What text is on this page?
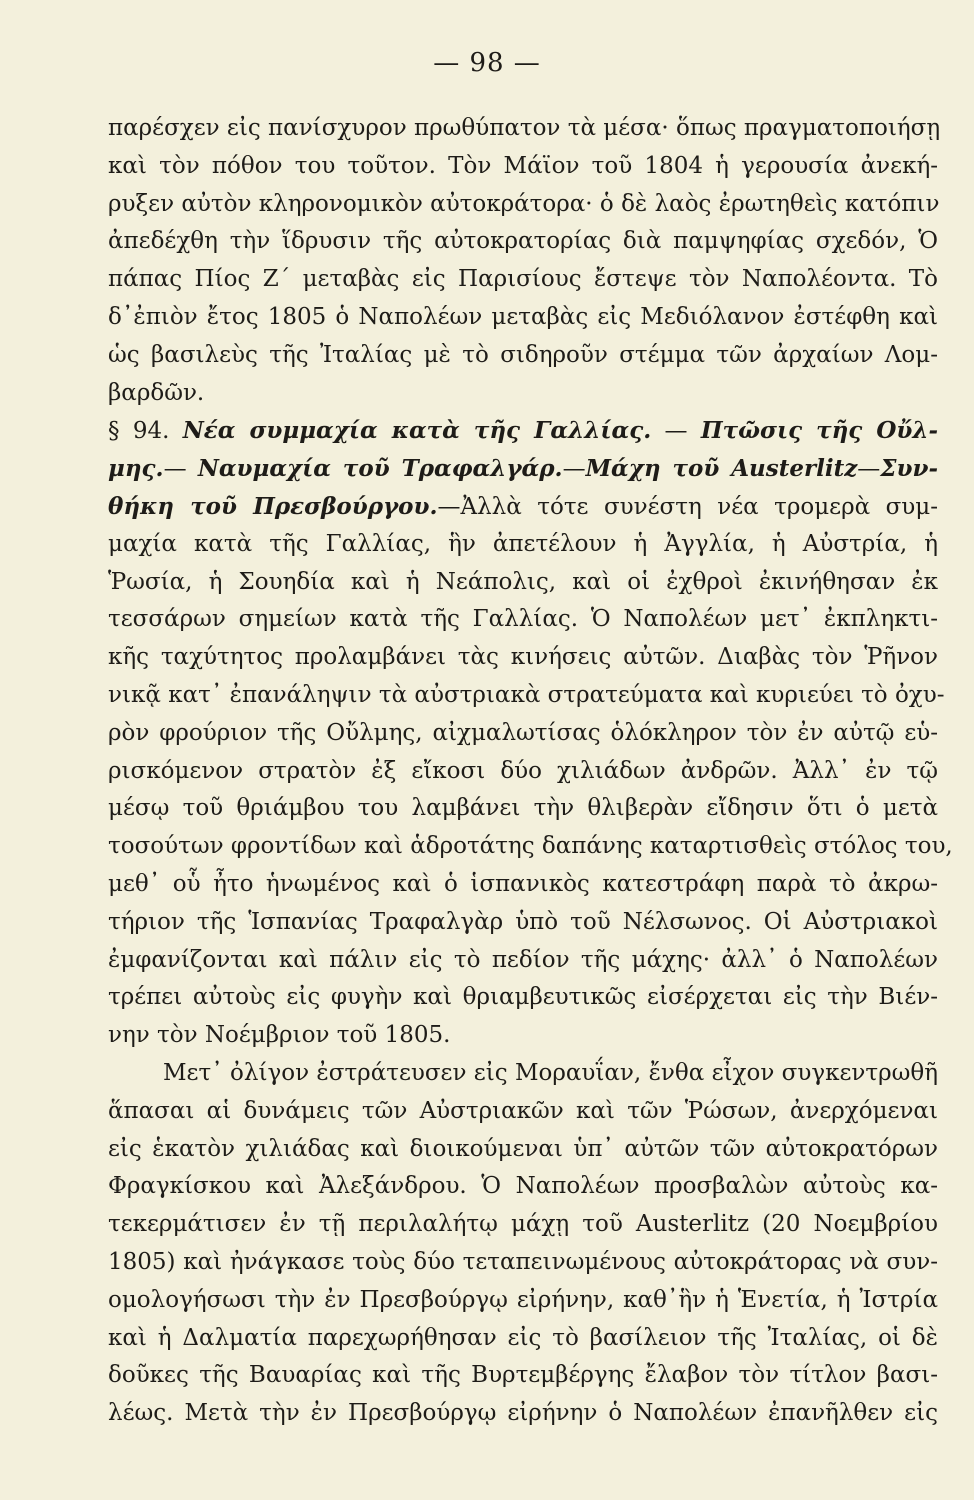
— 98 —
παρέσχεν εἰς πανίσχυρον πρωθύπατον τὰ μέσα· ὅπως πραγματοποιήσῃ
καὶ τὸν πόθον του τοῦτον. Τὸν Μάϊον τοῦ 1804 ἡ γερουσία ἀνεκή-
ρυξεν αὐτὸν κληρονομικὸν αὐτοκράτορα· ὁ δὲ λαὸς ἐρωτηθεὶς κατόπιν
ἀπεδέχθη τὴν ἵδρυσιν τῆς αὐτοκρατορίας διὰ παμψηφίας σχεδόν, Ὁ
πάπας Πίος Ζ΄ μεταβὰς εἰς Παρισίους ἔστεψε τὸν Ναπολέοντα. Τὸ
δ᾽ἐπιὸν ἔτος 1805 ὁ Ναπολέων μεταβὰς εἰς Μεδιόλανον ἐστέφθη καὶ
ὡς βασιλεὺς τῆς Ἰταλίας μὲ τὸ σιδηροῦν στέμμα τῶν ἀρχαίων Λομ-
βαρδῶν.
§ 94. Νέα συμμαχία κατὰ τῆς Γαλλίας. — Πτῶσις τῆς Οὔλ-
μης.— Ναυμαχία τοῦ Τραφαλγάρ.—Μάχη τοῦ Austerlitz—Συν-
θήκη τοῦ Πρεσβούργου.—Ἀλλὰ τότε συνέστη νέα τρομερὰ συμ-
μαχία κατὰ τῆς Γαλλίας, ἣν ἀπετέλουν ἡ Ἀγγλία, ἡ Αὐστρία, ἡ
Ῥωσία, ἡ Σουηδία καὶ ἡ Νεάπολις, καὶ οἱ ἐχθροὶ ἐκινήθησαν ἐκ
τεσσάρων σημείων κατὰ τῆς Γαλλίας. Ὁ Ναπολέων μετ᾽ ἐκπληκτι-
κῆς ταχύτητος προλαμβάνει τὰς κινήσεις αὐτῶν. Διαβὰς τὸν Ῥῆνον
νικᾷ κατ᾽ ἐπανάληψιν τὰ αὐστριακὰ στρατεύματα καὶ κυριεύει τὸ ὀχυ-
ρὸν φρούριον τῆς Οὔλμης, αἰχμαλωτίσας ὁλόκληρον τὸν ἐν αὐτῷ εὑ-
ρισκόμενον στρατὸν ἐξ εἴκοσι δύο χιλιάδων ἀνδρῶν. Ἀλλ᾽ ἐν τῷ
μέσῳ τοῦ θριάμβου του λαμβάνει τὴν θλιβερὰν εἴδησιν ὅτι ὁ μετὰ
τοσούτων φροντίδων καὶ ἁδροτάτης δαπάνης καταρτισθεὶς στόλος του,
μεθ᾽ οὗ ἦτο ἡνωμένος καὶ ὁ ἱσπανικὸς κατεστράφη παρὰ τὸ ἀκρω-
τήριον τῆς Ἱσπανίας Τραφαλγὰρ ὑπὸ τοῦ Νέλσωνος. Οἱ Αὐστριακοὶ
ἐμφανίζονται καὶ πάλιν εἰς τὸ πεδίον τῆς μάχης· ἀλλ᾽ ὁ Ναπολέων
τρέπει αὐτοὺς εἰς φυγὴν καὶ θριαμβευτικῶς εἰσέρχεται εἰς τὴν Βιέν-
νην τὸν Νοέμβριον τοῦ 1805.
Μετ᾽ ὀλίγον ἐστράτευσεν εἰς Μοραυΐαν, ἔνθα εἶχον συγκεντρωθῆ
ἅπασαι αἱ δυνάμεις τῶν Αὐστριακῶν καὶ τῶν Ῥώσων, ἀνερχόμεναι
εἰς ἑκατὸν χιλιάδας καὶ διοικούμεναι ὑπ᾽ αὐτῶν τῶν αὐτοκρατόρων
Φραγκίσκου καὶ Ἀλεξάνδρου. Ὁ Ναπολέων προσβαλὼν αὐτοὺς κα-
τεκερμάτισεν ἐν τῇ περιλαλήτῳ μάχῃ τοῦ Austerlitz (20 Νοεμβρίου
1805) καὶ ἠνάγκασε τοὺς δύο τεταπεινωμένους αὐτοκράτορας νὰ συν-
ομολογήσωσι τὴν ἐν Πρεσβούργῳ εἰρήνην, καθ᾽ἣν ἡ Ἑνετία, ἡ Ἰστρία
καὶ ἡ Δαλματία παρεχωρήθησαν εἰς τὸ βασίλειον τῆς Ἰταλίας, οἱ δὲ
δοῦκες τῆς Βαυαρίας καὶ τῆς Βυρτεμβέργης ἔλαβον τὸν τίτλον βασι-
λέως. Μετὰ τὴν ἐν Πρεσβούργῳ εἰρήνην ὁ Ναπολέων ἐπανῆλθεν εἰς
